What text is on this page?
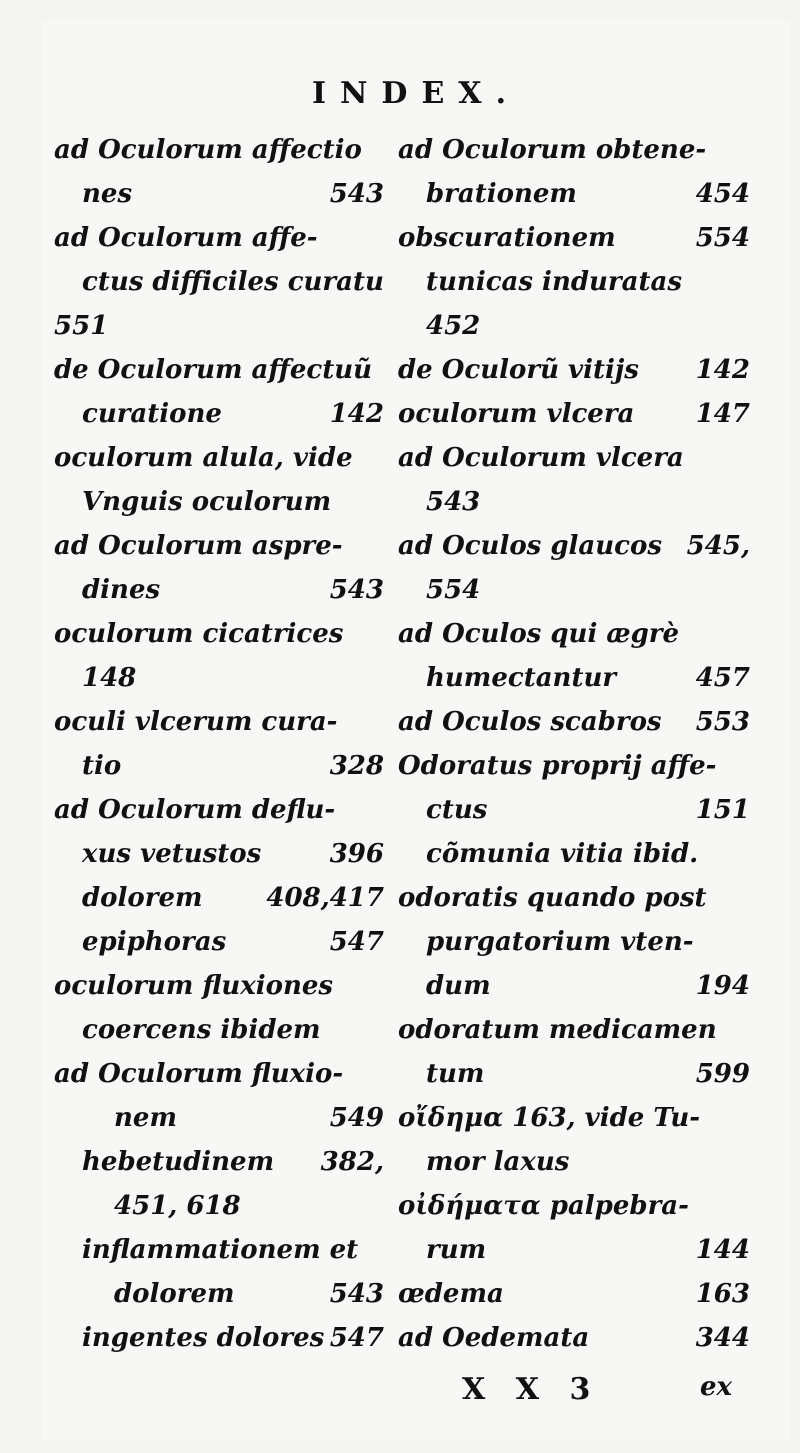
INDEX.
ad Oculorum affectio
nes	543
ad Oculorum affe-
ctus difficiles curatu
551
de Oculorum affectuũ
curatione	142
oculorum alula, vide
Vnguis oculorum
ad Oculorum aspre-
dines	543
oculorum cicatrices
148
oculi vlcerum cura-
tio	328
ad Oculorum deflu-
xus vetustos	396
dolorem 408,417
epiphoras	547
oculorum fluxiones
coercens ibidem
ad Oculorum fluxio-
nem	549
hebetudinem 382,
451, 618
inflammationem et
dolorem	543
ingentes dolores 547
ad Oculorum obtene-
brationem	454
obscurationem	554
tunicas induratas
452
de Oculorũ vitijs 142
oculorum vlcera 147
ad Oculorum vlcera
543
ad Oculos glaucos 545,
554
ad Oculos qui ægrè
humectantur	457
ad Oculos scabros 553
Odoratus proprij affe-
ctus	151
cõmunia vitia ibid.
odoratis quando post
purgatorium vten-
dum	194
odoratum medicamen
tum	599
οἴδημα 163, vide Tu-
mor laxus
οἰδήματα palpebra-
rum	144
œdema	163
ad Oedemata	344
X X 3	ex
